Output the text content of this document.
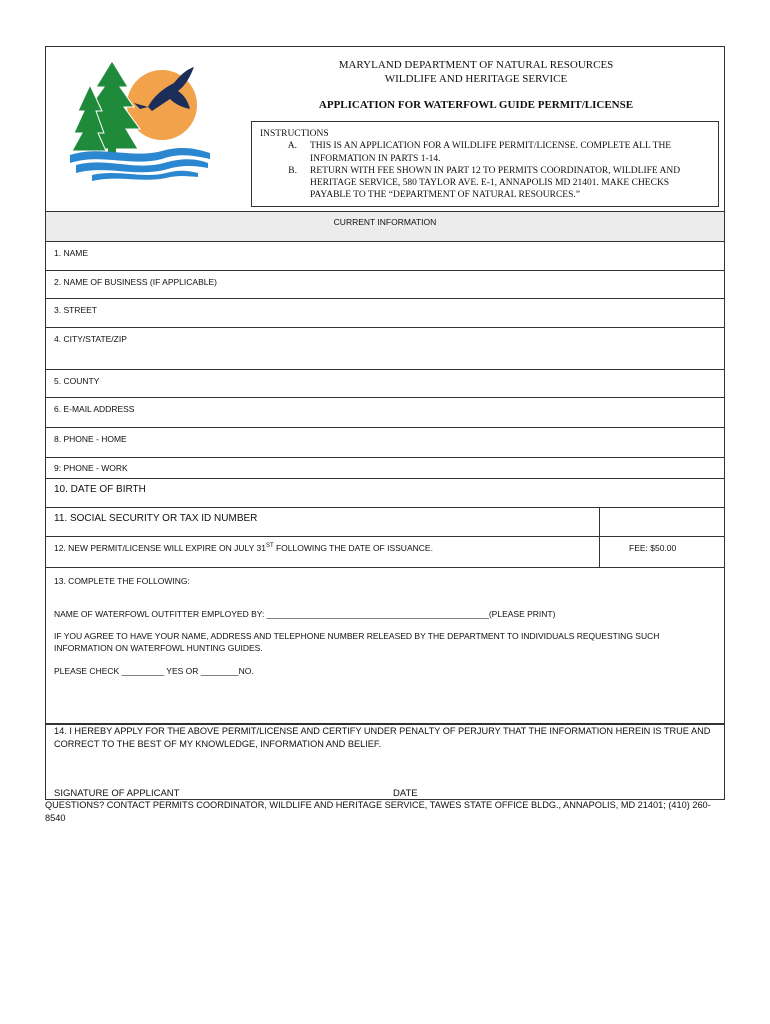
MARYLAND DEPARTMENT OF NATURAL RESOURCES
WILDLIFE AND HERITAGE SERVICE
APPLICATION FOR WATERFOWL GUIDE PERMIT/LICENSE
INSTRUCTIONS
A.	THIS IS AN APPLICATION FOR A WILDLIFE PERMIT/LICENSE. COMPLETE ALL THE INFORMATION IN PARTS 1-14.
B.	RETURN WITH FEE SHOWN IN PART 12 TO PERMITS COORDINATOR, WILDLIFE AND HERITAGE SERVICE, 580 TAYLOR AVE. E-1, ANNAPOLIS MD 21401. MAKE CHECKS PAYABLE TO THE “DEPARTMENT OF NATURAL RESOURCES.”
CURRENT INFORMATION
1. NAME
2. NAME OF BUSINESS (IF APPLICABLE)
3. STREET
4. CITY/STATE/ZIP
5. COUNTY
6. E-MAIL ADDRESS
8. PHONE - HOME
9: PHONE - WORK
10. DATE OF BIRTH
11. SOCIAL SECURITY OR TAX ID NUMBER
12. NEW PERMIT/LICENSE WILL EXPIRE ON JULY 31ST FOLLOWING THE DATE OF ISSUANCE.	FEE: $50.00
13. COMPLETE THE FOLLOWING:
NAME OF WATERFOWL OUTFITTER EMPLOYED BY: _______________________________________________(PLEASE PRINT)
IF YOU AGREE TO HAVE YOUR NAME, ADDRESS AND TELEPHONE NUMBER RELEASED BY THE DEPARTMENT TO INDIVIDUALS REQUESTING SUCH INFORMATION ON WATERFOWL HUNTING GUIDES.
PLEASE CHECK _________ YES OR ________NO.
14. I HEREBY APPLY FOR THE ABOVE PERMIT/LICENSE AND CERTIFY UNDER PENALTY OF PERJURY THAT THE INFORMATION HEREIN IS TRUE AND CORRECT TO THE BEST OF MY KNOWLEDGE, INFORMATION AND BELIEF.
SIGNATURE OF APPLICANT	DATE
QUESTIONS? CONTACT PERMITS COORDINATOR, WILDLIFE AND HERITAGE SERVICE, TAWES STATE OFFICE BLDG., ANNAPOLIS, MD 21401; (410) 260-8540
